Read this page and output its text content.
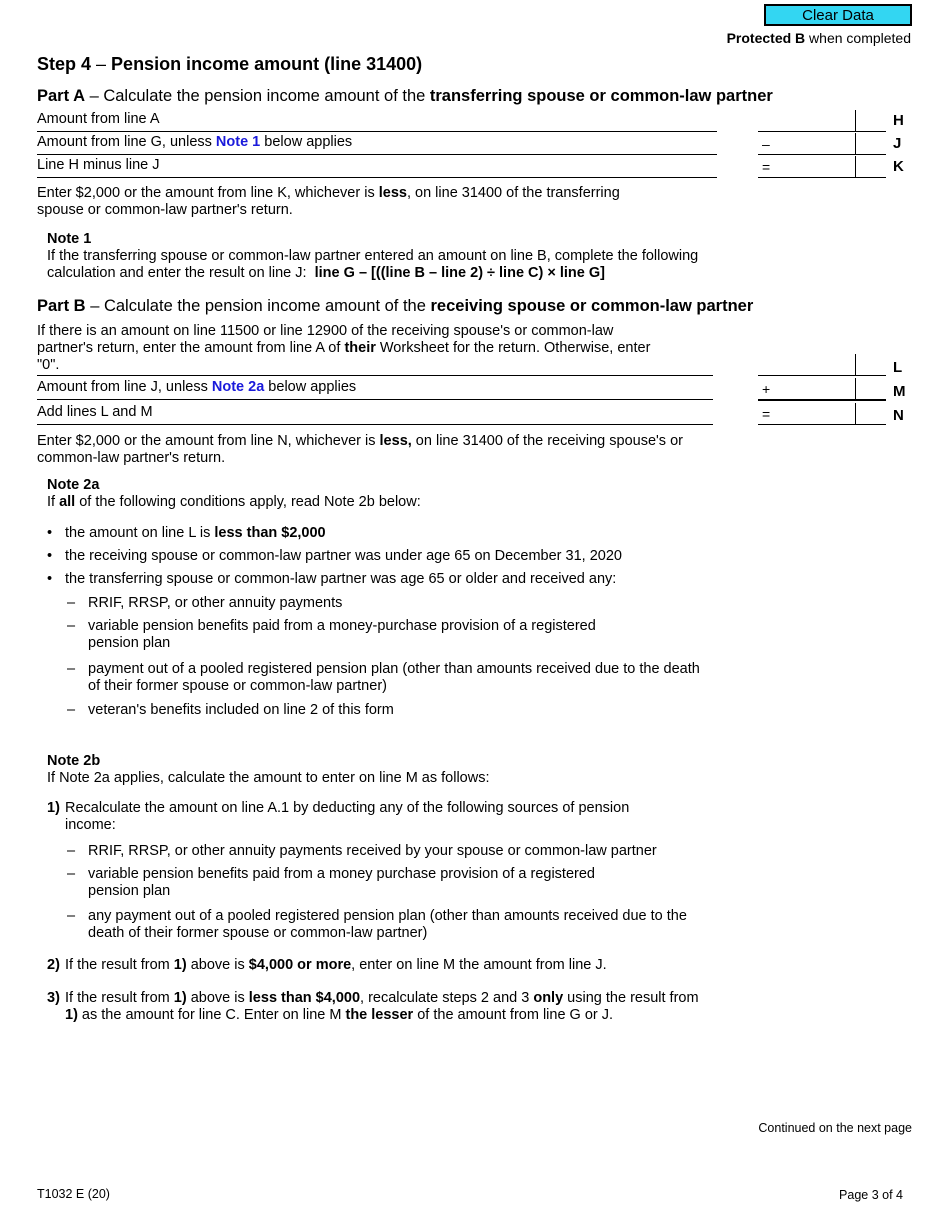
Clear Data
Protected B when completed
Step 4 – Pension income amount (line 31400)
Part A – Calculate the pension income amount of the transferring spouse or common-law partner
Amount from line A	H
Amount from line G, unless Note 1 below applies	–	J
Line H minus line J	=	K
Enter $2,000 or the amount from line K, whichever is less, on line 31400 of the transferring spouse or common-law partner's return.
Note 1
If the transferring spouse or common-law partner entered an amount on line B, complete the following calculation and enter the result on line J: line G – [((line B – line 2) ÷ line C) × line G]
Part B – Calculate the pension income amount of the receiving spouse or common-law partner
If there is an amount on line 11500 or line 12900 of the receiving spouse's or common-law partner's return, enter the amount from line A of their Worksheet for the return. Otherwise, enter "0".	L
Amount from line J, unless Note 2a below applies	+	M
Add lines L and M	=	N
Enter $2,000 or the amount from line N, whichever is less, on line 31400 of the receiving spouse's or common-law partner's return.
Note 2a
If all of the following conditions apply, read Note 2b below:
• the amount on line L is less than $2,000
• the receiving spouse or common-law partner was under age 65 on December 31, 2020
• the transferring spouse or common-law partner was age 65 or older and received any:
– RRIF, RRSP, or other annuity payments
– variable pension benefits paid from a money-purchase provision of a registered pension plan
– payment out of a pooled registered pension plan (other than amounts received due to the death of their former spouse or common-law partner)
– veteran's benefits included on line 2 of this form
Note 2b
If Note 2a applies, calculate the amount to enter on line M as follows:
1) Recalculate the amount on line A.1 by deducting any of the following sources of pension income:
– RRIF, RRSP, or other annuity payments received by your spouse or common-law partner
– variable pension benefits paid from a money purchase provision of a registered pension plan
– any payment out of a pooled registered pension plan (other than amounts received due to the death of their former spouse or common-law partner)
2) If the result from 1) above is $4,000 or more, enter on line M the amount from line J.
3) If the result from 1) above is less than $4,000, recalculate steps 2 and 3 only using the result from 1) as the amount for line C. Enter on line M the lesser of the amount from line G or J.
Continued on the next page
T1032 E (20)	Page 3 of 4
